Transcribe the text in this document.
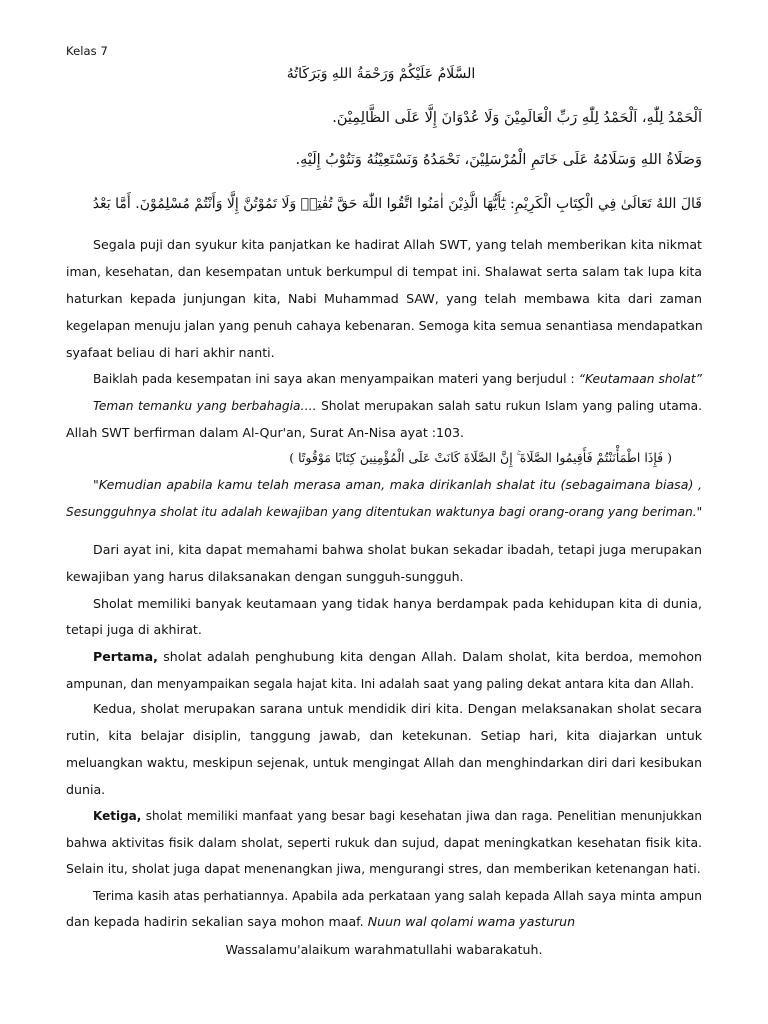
Kelas 7
السَّلَامُ عَلَيْكُمْ وَرَحْمَةُ اللهِ وَبَرَكَاتُهُ
اَلْحَمْدُ لِلّٰهِ، اَلْحَمْدُ لِلّٰهِ رَبِّ الْعَالَمِيْنَ وَلَا عُدْوَانَ إِلَّا عَلَى الظَّالِمِيْنَ.
وَصَلَاةُ اللهِ وَسَلَامُهُ عَلَى خَاتَمِ الْمُرْسَلِيْنَ، نَحْمَدُهُ وَنَسْتَعِيْنُهُ وَنَتُوْبُ إِلَيْهِ.
قَالَ اللهُ تَعَالَىٰ فِي الْكِتَابِ الْكَرِيْمِ: يٰٓأَيُّهَا الَّذِيْنَ اٰمَنُوا اتَّقُوا اللّٰهَ حَقَّ تُقٰتِهٖ وَلَا تَمُوْتُنَّ إِلَّا وَأَنْتُمْ مُسْلِمُوْنَ. أَمَّا بَعْدُ

Segala puji dan syukur kita panjatkan ke hadirat Allah SWT, yang telah memberikan kita nikmat

iman, kesehatan, dan kesempatan untuk berkumpul di tempat ini. Shalawat serta salam tak lupa kita

haturkan kepada junjungan kita, Nabi Muhammad SAW, yang telah membawa kita dari zaman

kegelapan menuju jalan yang penuh cahaya kebenaran. Semoga kita semua senantiasa mendapatkan

syafaat beliau di hari akhir nanti.

Baiklah pada kesempatan ini saya akan menyampaikan materi yang berjudul : “Keutamaan sholat”

Teman temanku yang berbahagia…. Sholat merupakan salah satu rukun Islam yang paling utama.

Allah SWT berfirman dalam Al-Qur'an, Surat An-Nisa ayat :103.

( فَإِذَا اطْمَأْنَنْتُمْ فَأَقِيمُوا الصَّلَاةَ ۚ إِنَّ الصَّلَاةَ كَانَتْ عَلَى الْمُؤْمِنِينَ كِتَابًا مَوْقُوتًا )

"Kemudian apabila kamu telah merasa aman, maka dirikanlah shalat itu (sebagaimana biasa) ,

Sesungguhnya sholat itu adalah kewajiban yang ditentukan waktunya bagi orang-orang yang beriman."

Dari ayat ini, kita dapat memahami bahwa sholat bukan sekadar ibadah, tetapi juga merupakan

kewajiban yang harus dilaksanakan dengan sungguh-sungguh.

Sholat memiliki banyak keutamaan yang tidak hanya berdampak pada kehidupan kita di dunia,

tetapi juga di akhirat.

Pertama, sholat adalah penghubung kita dengan Allah. Dalam sholat, kita berdoa, memohon

ampunan, dan menyampaikan segala hajat kita. Ini adalah saat yang paling dekat antara kita dan Allah.

Kedua, sholat merupakan sarana untuk mendidik diri kita. Dengan melaksanakan sholat secara

rutin, kita belajar disiplin, tanggung jawab, dan ketekunan. Setiap hari, kita diajarkan untuk

meluangkan waktu, meskipun sejenak, untuk mengingat Allah dan menghindarkan diri dari kesibukan

dunia.

Ketiga, sholat memiliki manfaat yang besar bagi kesehatan jiwa dan raga. Penelitian menunjukkan

bahwa aktivitas fisik dalam sholat, seperti rukuk dan sujud, dapat meningkatkan kesehatan fisik kita.

Selain itu, sholat juga dapat menenangkan jiwa, mengurangi stres, dan memberikan ketenangan hati.

Terima kasih atas perhatiannya. Apabila ada perkataan yang salah kepada Allah saya minta ampun

dan kepada hadirin sekalian saya mohon maaf. Nuun wal qolami wama yasturun

Wassalamu'alaikum warahmatullahi wabarakatuh.
